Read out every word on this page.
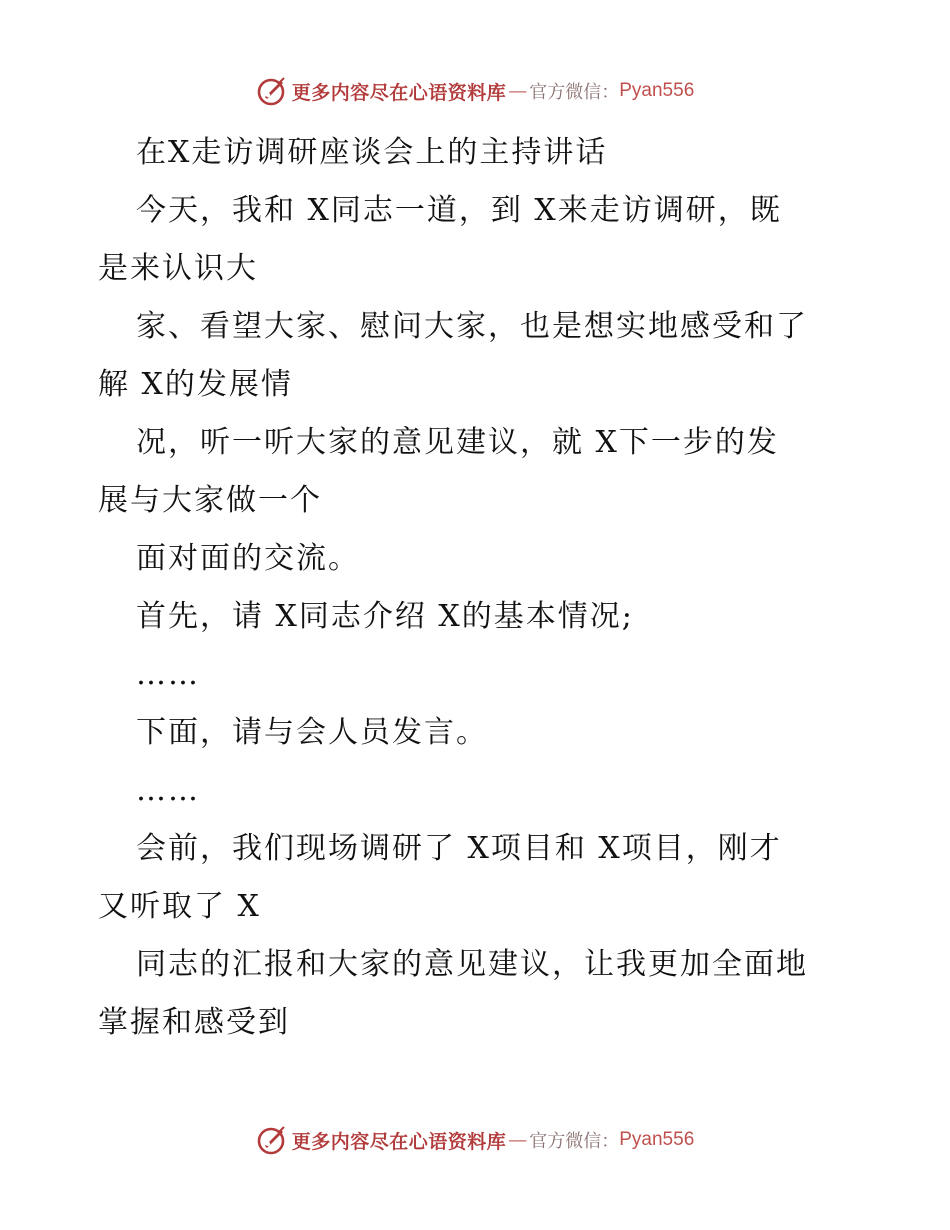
更多内容尽在心语资料库 — 官方微信： Pyan556
在X走访调研座谈会上的主持讲话
今天，我和 X同志一道，到 X来走访调研，既
是来认识大
家、看望大家、慰问大家，也是想实地感受和了
解 X的发展情
况，听一听大家的意见建议，就 X下一步的发
展与大家做一个
面对面的交流。
首先，请 X同志介绍 X的基本情况;
……
下面，请与会人员发言。
……
会前，我们现场调研了 X项目和 X项目，刚才
又听取了 X
同志的汇报和大家的意见建议，让我更加全面地
掌握和感受到
更多内容尽在心语资料库 — 官方微信： Pyan556
